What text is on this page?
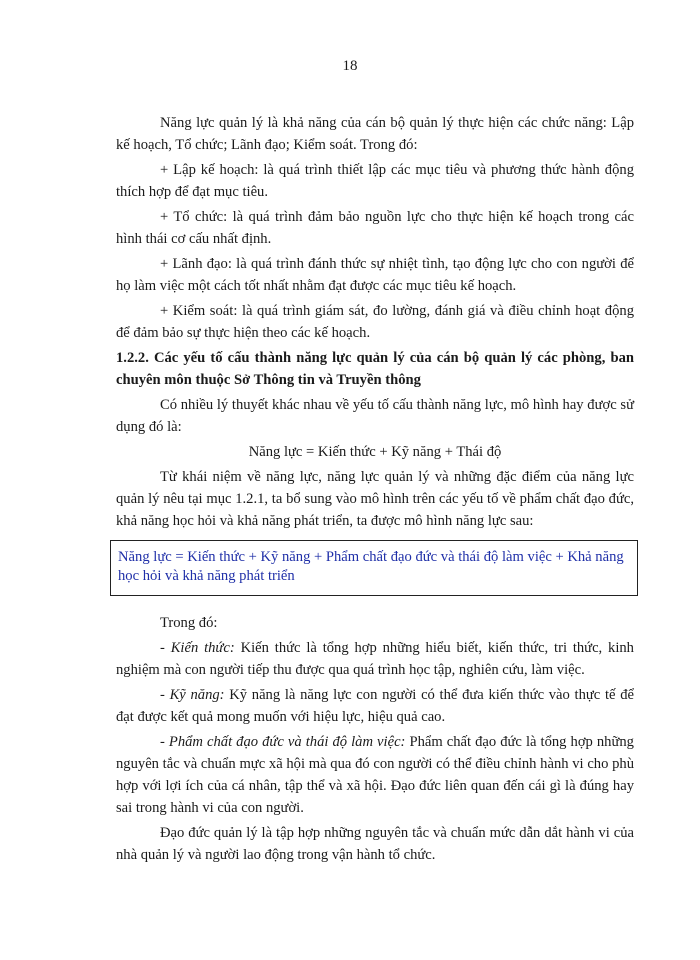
18

Năng lực quản lý là khả năng của cán bộ quản lý thực hiện các chức năng: Lập kế hoạch, Tổ chức; Lãnh đạo; Kiểm soát. Trong đó:

+ Lập kế hoạch: là quá trình thiết lập các mục tiêu và phương thức hành động thích hợp để đạt mục tiêu.

+ Tổ chức: là quá trình đảm bảo nguồn lực cho thực hiện kế hoạch trong các hình thái cơ cấu nhất định.

+ Lãnh đạo: là quá trình đánh thức sự nhiệt tình, tạo động lực cho con người để họ làm việc một cách tốt nhất nhằm đạt được các mục tiêu kế hoạch.

+ Kiểm soát: là quá trình giám sát, đo lường, đánh giá và điều chỉnh hoạt động để đảm bảo sự thực hiện theo các kế hoạch.

1.2.2. Các yếu tố cấu thành năng lực quản lý của cán bộ quản lý các phòng, ban chuyên môn thuộc Sở Thông tin và Truyền thông

Có nhiều lý thuyết khác nhau về yếu tố cấu thành năng lực, mô hình hay được sử dụng đó là:

Năng lực = Kiến thức + Kỹ năng + Thái độ

Từ khái niệm về năng lực, năng lực quản lý và những đặc điểm của năng lực quản lý nêu tại mục 1.2.1, ta bổ sung vào mô hình trên các yếu tố về phẩm chất đạo đức, khả năng học hỏi và khả năng phát triển, ta được mô hình năng lực sau:

Năng lực = Kiến thức + Kỹ năng + Phẩm chất đạo đức và thái độ làm việc + Khả năng học hỏi và khả năng phát triển

Trong đó:

- Kiến thức: Kiến thức là tổng hợp những hiểu biết, kiến thức, tri thức, kinh nghiệm mà con người tiếp thu được qua quá trình học tập, nghiên cứu, làm việc.

- Kỹ năng: Kỹ năng là năng lực con người có thể đưa kiến thức vào thực tế để đạt được kết quả mong muốn với hiệu lực, hiệu quả cao.

- Phẩm chất đạo đức và thái độ làm việc: Phẩm chất đạo đức là tổng hợp những nguyên tắc và chuẩn mực xã hội mà qua đó con người có thể điều chỉnh hành vi cho phù hợp với lợi ích của cá nhân, tập thể và xã hội. Đạo đức liên quan đến cái gì là đúng hay sai trong hành vi của con người.

Đạo đức quản lý là tập hợp những nguyên tắc và chuẩn mức dẫn dắt hành vi của nhà quản lý và người lao động trong vận hành tổ chức.
